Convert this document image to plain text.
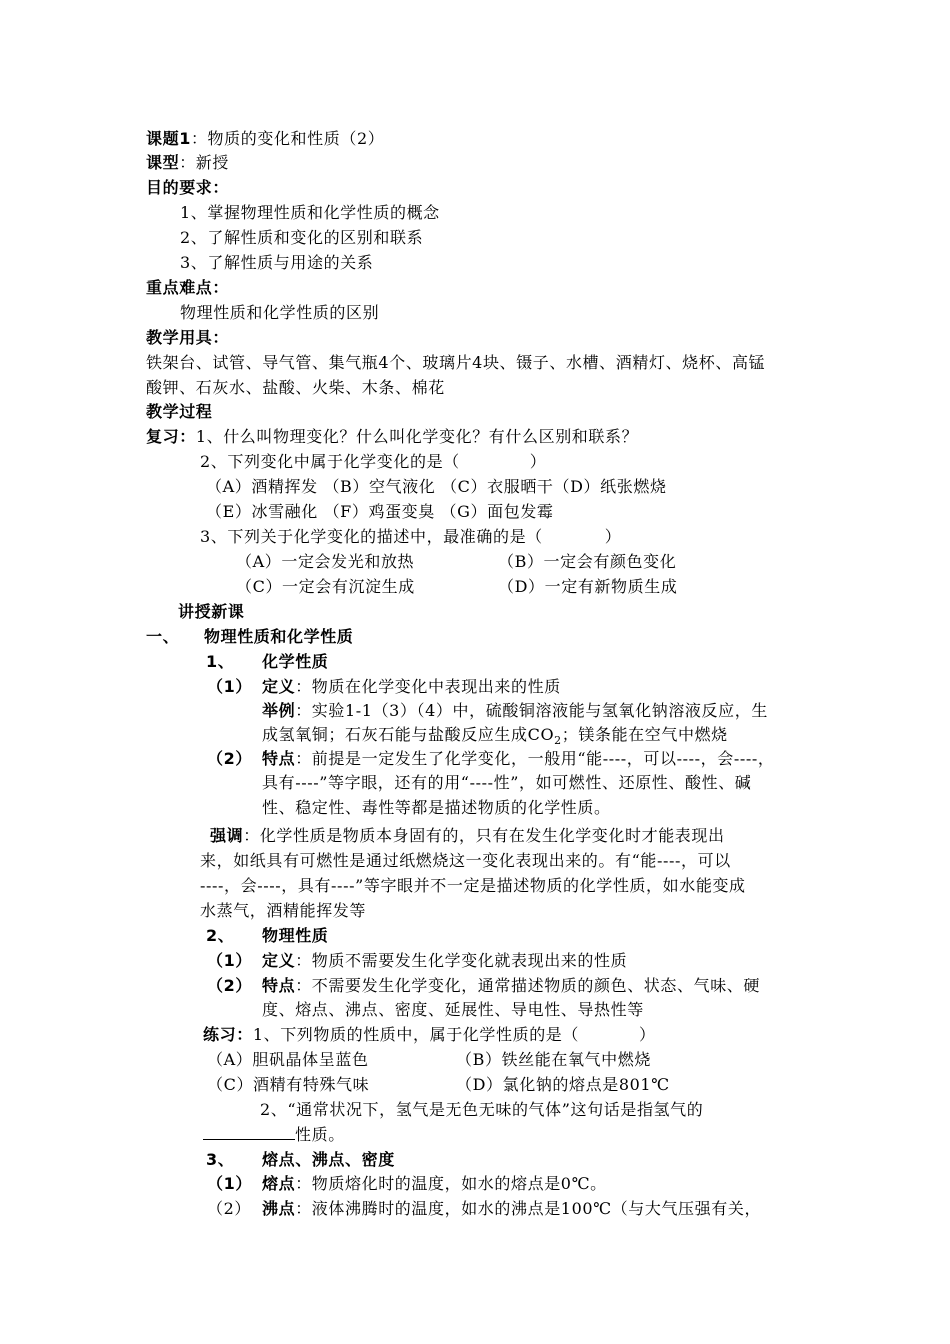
课题1：物质的变化和性质（2）
课型：新授
目的要求：
1、掌握物理性质和化学性质的概念
2、了解性质和变化的区别和联系
3、了解性质与用途的关系
重点难点：
物理性质和化学性质的区别
教学用具：
铁架台、试管、导气管、集气瓶4个、玻璃片4块、镊子、水槽、酒精灯、烧杯、高锰
酸钾、石灰水、盐酸、火柴、木条、棉花
教学过程
复习：1、什么叫物理变化？什么叫化学变化？有什么区别和联系？
2、下列变化中属于化学变化的是（	）
（A）酒精挥发 （B）空气液化 （C）衣服晒干（D）纸张燃烧
（E）冰雪融化 （F）鸡蛋变臭 （G）面包发霉
3、下列关于化学变化的描述中，最准确的是（	）
（A）一定会发光和放热	（B）一定会有颜色变化
（C）一定会有沉淀生成	（D）一定有新物质生成
讲授新课
一、 物理性质和化学性质
1、 化学性质
（1） 定义：物质在化学变化中表现出来的性质
举例：实验1-1（3）（4）中，硫酸铜溶液能与氢氧化钠溶液反应，生
成氢氧铜；石灰石能与盐酸反应生成$CO_2$；镁条能在空气中燃烧
（2） 特点：前提是一定发生了化学变化，一般用“能----，可以----，会----，
具有----”等字眼，还有的用“----性”，如可燃性、还原性、酸性、碱
性、稳定性、毒性等都是描述物质的化学性质。
强调：化学性质是物质本身固有的，只有在发生化学变化时才能表现出
来，如纸具有可燃性是通过纸燃烧这一变化表现出来的。有“能----，可以
----，会----，具有----”等字眼并不一定是描述物质的化学性质，如水能变成
水蒸气，酒精能挥发等
2、 物理性质
（1） 定义：物质不需要发生化学变化就表现出来的性质
（2） 特点：不需要发生化学变化，通常描述物质的颜色、状态、气味、硬
度、熔点、沸点、密度、延展性、导电性、导热性等
练习：1、下列物质的性质中，属于化学性质的是（	）
（A）胆矾晶体呈蓝色	（B）铁丝能在氧气中燃烧
（C）酒精有特殊气味	（D）氯化钠的熔点是801℃
2、“通常状况下，氢气是无色无味的气体”这句话是指氢气的
性质。
3、 熔点、沸点、密度
（1） 熔点：物质熔化时的温度，如水的熔点是0℃。
（2） 沸点：液体沸腾时的温度，如水的沸点是100℃（与大气压强有关，
